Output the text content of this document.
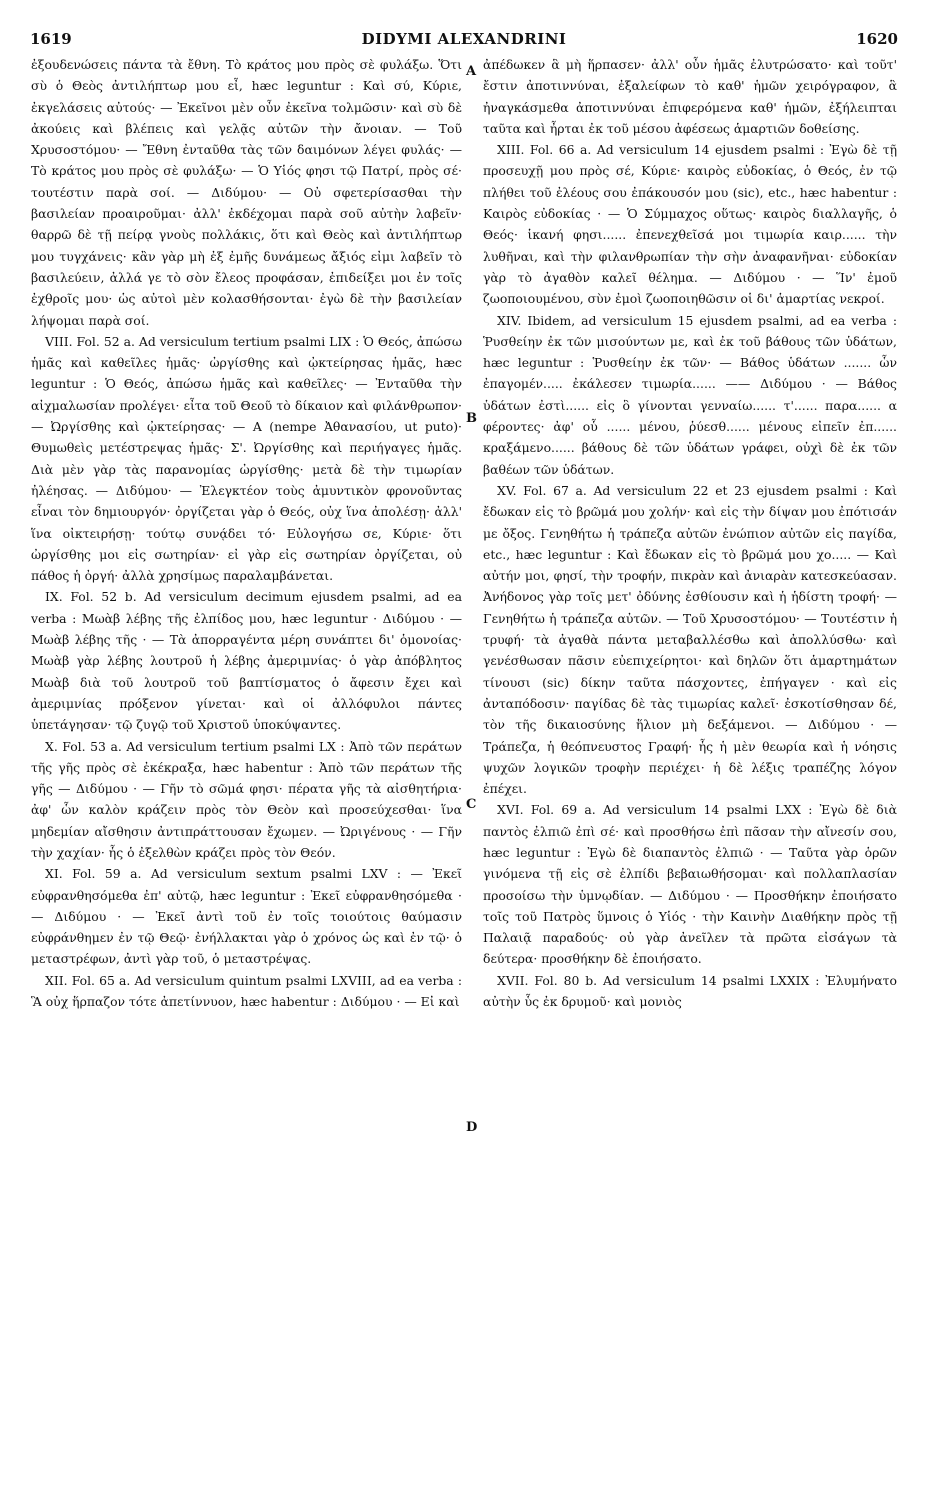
1619	DIDYMI ALEXANDRINI	1620

ἐξουδενώσεις πάντα τὰ ἔθνη. Τὸ κράτος μου πρὸς σὲ φυλάξω. Ὅτι σὺ ὁ Θεὸς ἀντιλήπτωρ μου εἶ, hæc leguntur : Καὶ σύ, Κύριε, ἐκγελάσεις αὐτούς· — Ἐκεῖνοι μὲν οὖν ἐκεῖνα τολμῶσιν· καὶ σὺ δὲ ἀκούεις καὶ βλέπεις καὶ γελᾷς αὐτῶν τὴν ἄνοιαν. — Τοῦ Χρυσοστόμου· — Ἔθνη ἐνταῦθα τὰς τῶν δαιμόνων λέγει φυλάς· — Τὸ κράτος μου πρὸς σὲ φυλάξω· — Ὁ Υἱός φησι τῷ Πατρί, πρὸς σέ· τουτέστιν παρὰ σοί. — Διδύμου· — Οὐ σφετερίσασθαι τὴν βασιλείαν προαιροῦμαι· ἀλλ' ἐκδέχομαι παρὰ σοῦ αὐτὴν λαβεῖν· θαρρῶ δὲ τῇ πείρᾳ γνοὺς πολλάκις, ὅτι καὶ Θεὸς καὶ ἀντιλήπτωρ μου τυγχάνεις· κἂν γὰρ μὴ ἐξ ἐμῆς δυνάμεως ἄξιός εἰμι λαβεῖν τὸ βασιλεύειν, ἀλλά γε τὸ σὸν ἔλεος προφάσαν, ἐπιδείξει μοι ἐν τοῖς ἐχθροῖς μου· ὡς αὐτοὶ μὲν κολασθήσονται· ἐγὼ δὲ τὴν βασιλείαν λήψομαι παρὰ σοί.

VIII. Fol. 52 a. Ad versiculum tertium psalmi LIX : Ὁ Θεός, ἀπώσω ἡμᾶς καὶ καθεῖλες ἡμᾶς· ὠργίσθης καὶ ᾠκτείρησας ἡμᾶς, hæc leguntur : Ὁ Θεός, ἀπώσω ἡμᾶς καὶ καθεῖλες· — Ἐνταῦθα τὴν αἰχμαλωσίαν προλέγει· εἶτα τοῦ Θεοῦ τὸ δίκαιον καὶ φιλάνθρωπον· — Ὠργίσθης καὶ ᾠκτείρησας· — Α (nempe Ἀθανασίου, ut puto)· Θυμωθεὶς μετέστρεψας ἡμᾶς· Σ'. Ὠργίσθης καὶ περιήγαγες ἡμᾶς. Διὰ μὲν γὰρ τὰς παρανομίας ὠργίσθης· μετὰ δὲ τὴν τιμωρίαν ἠλέησας. — Διδύμου· — Ἐλεγκτέον τοὺς ἀμυντικὸν φρονοῦντας εἶναι τὸν δημιουργόν· ὀργίζεται γὰρ ὁ Θεός, οὐχ ἵνα ἀπολέσῃ· ἀλλ' ἵνα οἰκτειρήσῃ· τούτῳ συνᾴδει τό· Εὐλογήσω σε, Κύριε· ὅτι ὠργίσθης μοι εἰς σωτηρίαν· εἰ γὰρ εἰς σωτηρίαν ὀργίζεται, οὐ πάθος ἡ ὀργή· ἀλλὰ χρησίμως παραλαμβάνεται.

IX. Fol. 52 b. Ad versiculum decimum ejusdem psalmi, ad ea verba : Μωὰβ λέβης τῆς ἐλπίδος μου, hæc leguntur · Διδύμου · — Μωὰβ λέβης τῆς · — Τὰ ἀπορραγέντα μέρη συνάπτει δι' ὁμονοίας· Μωὰβ γὰρ λέβης λουτροῦ ἡ λέβης ἀμεριμνίας· ὁ γὰρ ἀπόβλητος Μωὰβ διὰ τοῦ λουτροῦ τοῦ βαπτίσματος ὁ ἄφεσιν ἔχει καὶ ἀμεριμνίας πρόξενον γίνεται· καὶ οἱ ἀλλόφυλοι πάντες ὑπετάγησαν· τῷ ζυγῷ τοῦ Χριστοῦ ὑποκύψαντες.

X. Fol. 53 a. Ad versiculum tertium psalmi LX : Ἀπὸ τῶν περάτων τῆς γῆς πρὸς σὲ ἐκέκραξα, hæc habentur : Ἀπὸ τῶν περάτων τῆς γῆς — Διδύμου · — Γῆν τὸ σῶμά φησι· πέρατα γῆς τὰ αἰσθητήρια· ἀφ' ὧν καλὸν κράζειν πρὸς τὸν Θεὸν καὶ προσεύχεσθαι· ἵνα μηδεμίαν αἴσθησιν ἀντιπράττουσαν ἔχωμεν. — Ὠριγένους · — Γῆν τὴν χαχίαν· ἧς ὁ ἐξελθὼν κράζει πρὸς τὸν Θεόν.

XI. Fol. 59 a. Ad versiculum sextum psalmi LXV : — Ἐκεῖ εὐφρανθησόμεθα ἐπ' αὐτῷ, hæc leguntur : Ἐκεῖ εὐφρανθησόμεθα · — Διδύμου · — Ἐκεῖ ἀντὶ τοῦ ἐν τοῖς τοιούτοις θαύμασιν εὐφράνθημεν ἐν τῷ Θεῷ· ἐνήλλακται γὰρ ὁ χρόνος ὡς καὶ ἐν τῷ· ὁ μεταστρέφων, ἀντὶ γὰρ τοῦ, ὁ μεταστρέψας.

XII. Fol. 65 a. Ad versiculum quintum psalmi LXVIII, ad ea verba : Ἃ οὐχ ἥρπαζον τότε ἀπετίννυον, hæc habentur : Διδύμου · — Εἰ καὶ

ἀπέδωκεν ἃ μὴ ἥρπασεν· ἀλλ' οὖν ἡμᾶς ἐλυτρώσατο· καὶ τοῦτ' ἔστιν ἀποτιννύναι, ἐξαλείφων τὸ καθ' ἡμῶν χειρόγραφον, ἃ ἠναγκάσμεθα ἀποτιννύναι ἐπιφερόμενα καθ' ἡμῶν, ἐξήλειπται ταῦτα καὶ ἦρται ἐκ τοῦ μέσου ἀφέσεως ἁμαρτιῶν δοθείσης.

XIII. Fol. 66 a. Ad versiculum 14 ejusdem psalmi : Ἐγὼ δὲ τῇ προσευχῇ μου πρὸς σέ, Κύριε· καιρὸς εὐδοκίας, ὁ Θεός, ἐν τῷ πλήθει τοῦ ἐλέους σου ἐπάκουσόν μου (sic), etc., hæc habentur : Καιρὸς εὐδοκίας · — Ὁ Σύμμαχος οὕτως· καιρὸς διαλλαγῆς, ὁ Θεός· ἱκανή φησι...... ἐπενεχθεῖσά μοι τιμωρία καιρ...... τὴν λυθῆναι, καὶ τὴν φιλανθρωπίαν τὴν σὴν ἀναφανῆναι· εὐδοκίαν γὰρ τὸ ἀγαθὸν καλεῖ θέλημα. — Διδύμου · — Ἵν' ἐμοῦ ζωοποιουμένου, σὺν ἐμοὶ ζωοποιηθῶσιν οἱ δι' ἁμαρτίας νεκροί.

XIV. Ibidem, ad versiculum 15 ejusdem psalmi, ad ea verba : Ῥυσθείην ἐκ τῶν μισούντων με, καὶ ἐκ τοῦ βάθους τῶν ὑδάτων, hæc leguntur : Ῥυσθείην ἐκ τῶν· — Βάθος ὑδάτων ....... ὧν ἐπαγομέν..... ἐκάλεσεν τιμωρία...... —— Διδύμου · — Βάθος ὑδάτων ἐστὶ...... εἰς ὃ γίνονται γενναίω...... τ'...... παρα...... α φέροντες· ἀφ' οὗ ...... μένου, ῥύεσθ...... μένους εἰπεῖν ἐπ...... κραξάμενο...... βάθους δὲ τῶν ὑδάτων γράφει, οὐχὶ δὲ ἐκ τῶν βαθέων τῶν ὑδάτων.

XV. Fol. 67 a. Ad versiculum 22 et 23 ejusdem psalmi : Καὶ ἔδωκαν εἰς τὸ βρῶμά μου χολήν· καὶ εἰς τὴν δίψαν μου ἐπότισάν με ὄξος. Γενηθήτω ἡ τράπεζα αὐτῶν ἐνώπιον αὐτῶν εἰς παγίδα, etc., hæc leguntur : Καὶ ἔδωκαν εἰς τὸ βρῶμά μου χο..... — Καὶ αὐτήν μοι, φησί, τὴν τροφήν, πικρὰν καὶ ἀνιαρὰν κατεσκεύασαν. Ἀνήδονος γὰρ τοῖς μετ' ὀδύνης ἐσθίουσιν καὶ ἡ ἡδίστη τροφή· — Γενηθήτω ἡ τράπεζα αὐτῶν. — Τοῦ Χρυσοστόμου· — Τουτέστιν ἡ τρυφή· τὰ ἀγαθὰ πάντα μεταβαλλέσθω καὶ ἀπολλύσθω· καὶ γενέσθωσαν πᾶσιν εὐεπιχείρητοι· καὶ δηλῶν ὅτι ἁμαρτημάτων τίνουσι (sic) δίκην ταῦτα πάσχοντες, ἐπήγαγεν · καὶ εἰς ἀνταπόδοσιν· παγίδας δὲ τὰς τιμωρίας καλεῖ· ἐσκοτίσθησαν δέ, τὸν τῆς δικαιοσύνης ἥλιον μὴ δεξάμενοι. — Διδύμου · — Τράπεζα, ἡ θεόπνευστος Γραφή· ἧς ἡ μὲν θεωρία καὶ ἡ νόησις ψυχῶν λογικῶν τροφὴν περιέχει· ἡ δὲ λέξις τραπέζης λόγον ἐπέχει.

XVI. Fol. 69 a. Ad versiculum 14 psalmi LXX : Ἐγὼ δὲ διὰ παντὸς ἐλπιῶ ἐπὶ σέ· καὶ προσθήσω ἐπὶ πᾶσαν τὴν αἴνεσίν σου, hæc leguntur : Ἐγὼ δὲ διαπαντὸς ἐλπιῶ · — Ταῦτα γὰρ ὁρῶν γινόμενα τῇ εἰς σὲ ἐλπίδι βεβαιωθήσομαι· καὶ πολλαπλασίαν προσοίσω τὴν ὑμνῳδίαν. — Διδύμου · — Προσθήκην ἐποιήσατο τοῖς τοῦ Πατρὸς ὕμνοις ὁ Υἱός · τὴν Καινὴν Διαθήκην πρὸς τῇ Παλαιᾷ παραδούς· οὐ γὰρ ἀνεῖλεν τὰ πρῶτα εἰσάγων τὰ δεύτερα· προσθήκην δὲ ἐποιήσατο.

XVII. Fol. 80 b. Ad versiculum 14 psalmi LXXIX : Ἐλυμήνατο αὐτὴν ὗς ἐκ δρυμοῦ· καὶ μονιὸς

A
B
C
D
